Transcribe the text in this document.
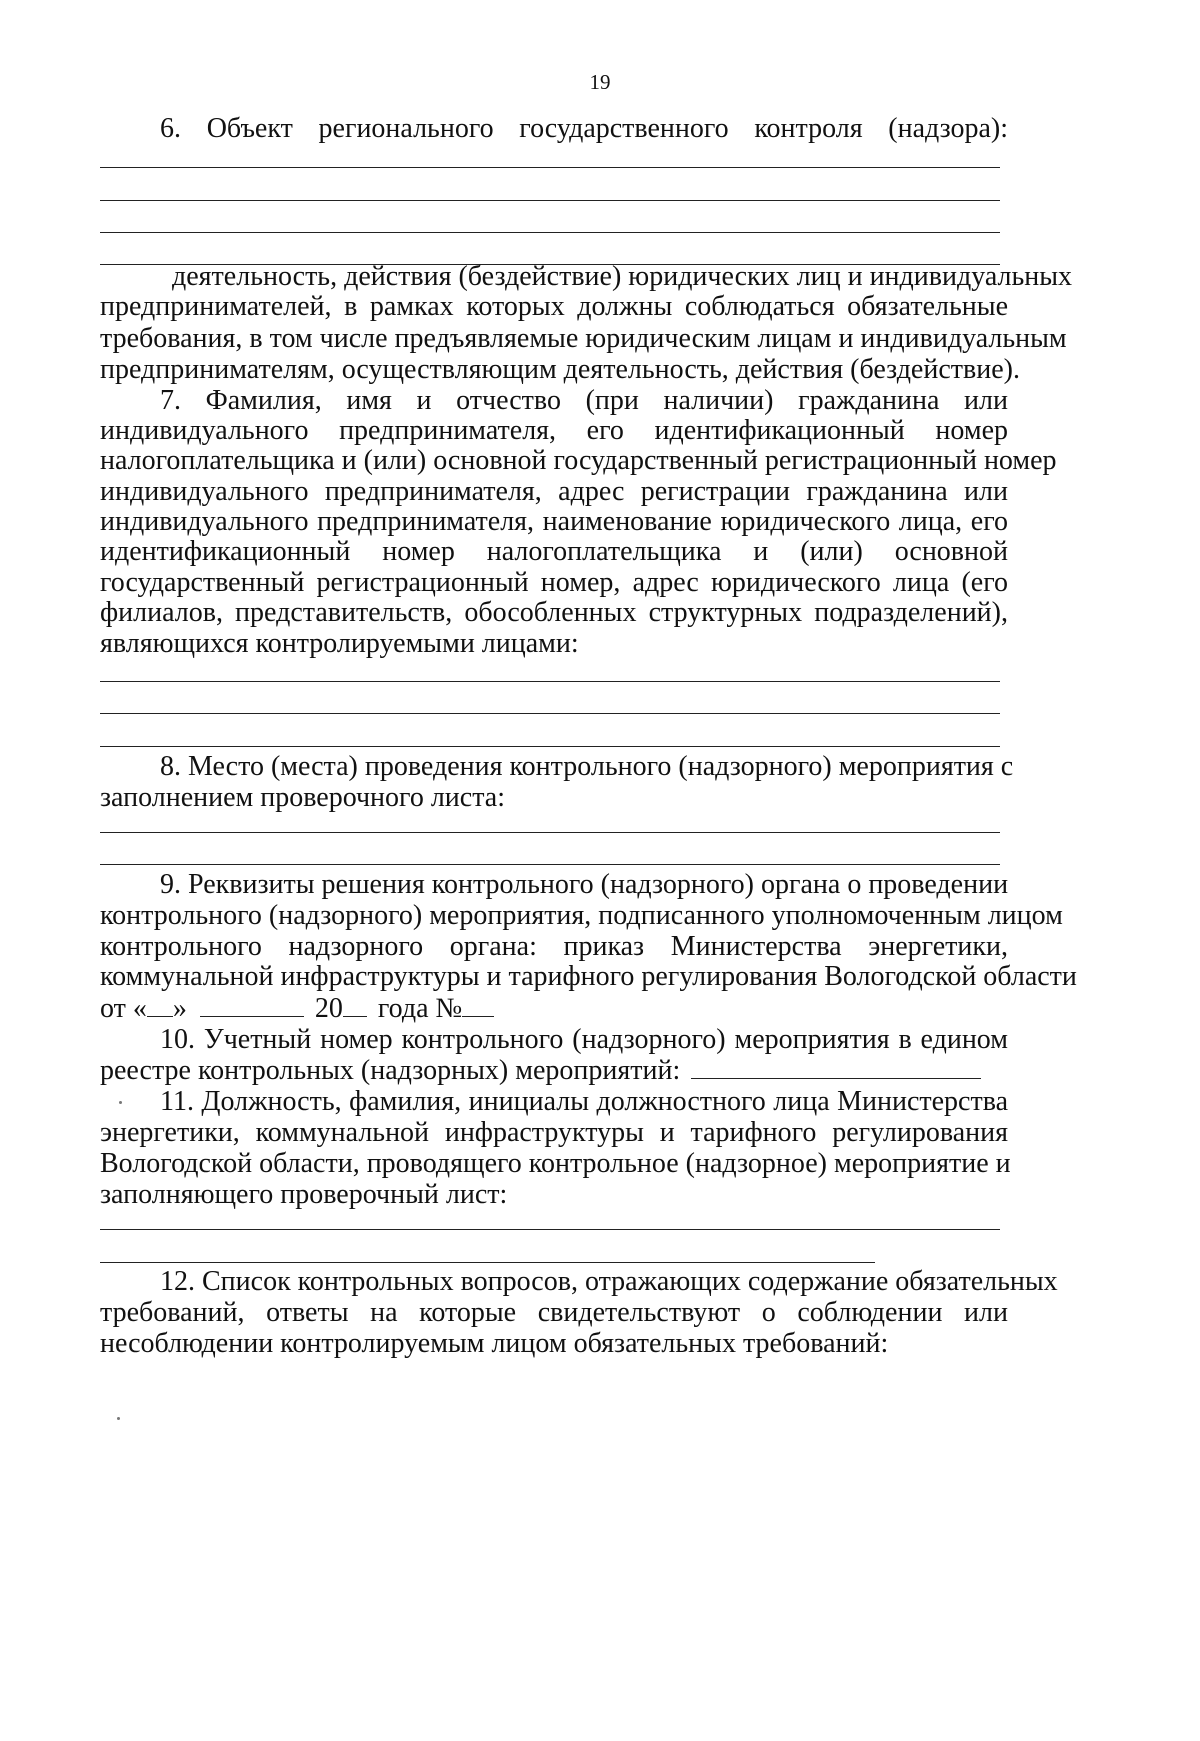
19
6. Объект регионального государственного контроля (надзора):
деятельность, действия (бездействие) юридических лиц и индивидуальных
предпринимателей, в рамках которых должны соблюдаться обязательные
требования, в том числе предъявляемые юридическим лицам и индивидуальным
предпринимателям, осуществляющим деятельность, действия (бездействие).
7. Фамилия, имя и отчество (при наличии) гражданина или
индивидуального предпринимателя, его идентификационный номер
налогоплательщика и (или) основной государственный регистрационный номер
индивидуального предпринимателя, адрес регистрации гражданина или
индивидуального предпринимателя, наименование юридического лица, его
идентификационный номер налогоплательщика и (или) основной
государственный регистрационный номер, адрес юридического лица (его
филиалов, представительств, обособленных структурных подразделений),
являющихся контролируемыми лицами:
8. Место (места) проведения контрольного (надзорного) мероприятия с
заполнением проверочного листа:
9. Реквизиты решения контрольного (надзорного) органа о проведении
контрольного (надзорного) мероприятия, подписанного уполномоченным лицом
контрольного надзорного органа: приказ Министерства энергетики,
коммунальной инфраструктуры и тарифного регулирования Вологодской области
от « »	20 года №
10. Учетный номер контрольного (надзорного) мероприятия в едином
реестре контрольных (надзорных) мероприятий:
11. Должность, фамилия, инициалы должностного лица Министерства
энергетики, коммунальной инфраструктуры и тарифного регулирования
Вологодской области, проводящего контрольное (надзорное) мероприятие и
заполняющего проверочный лист:
12. Список контрольных вопросов, отражающих содержание обязательных
требований, ответы на которые свидетельствуют о соблюдении или
несоблюдении контролируемым лицом обязательных требований:
